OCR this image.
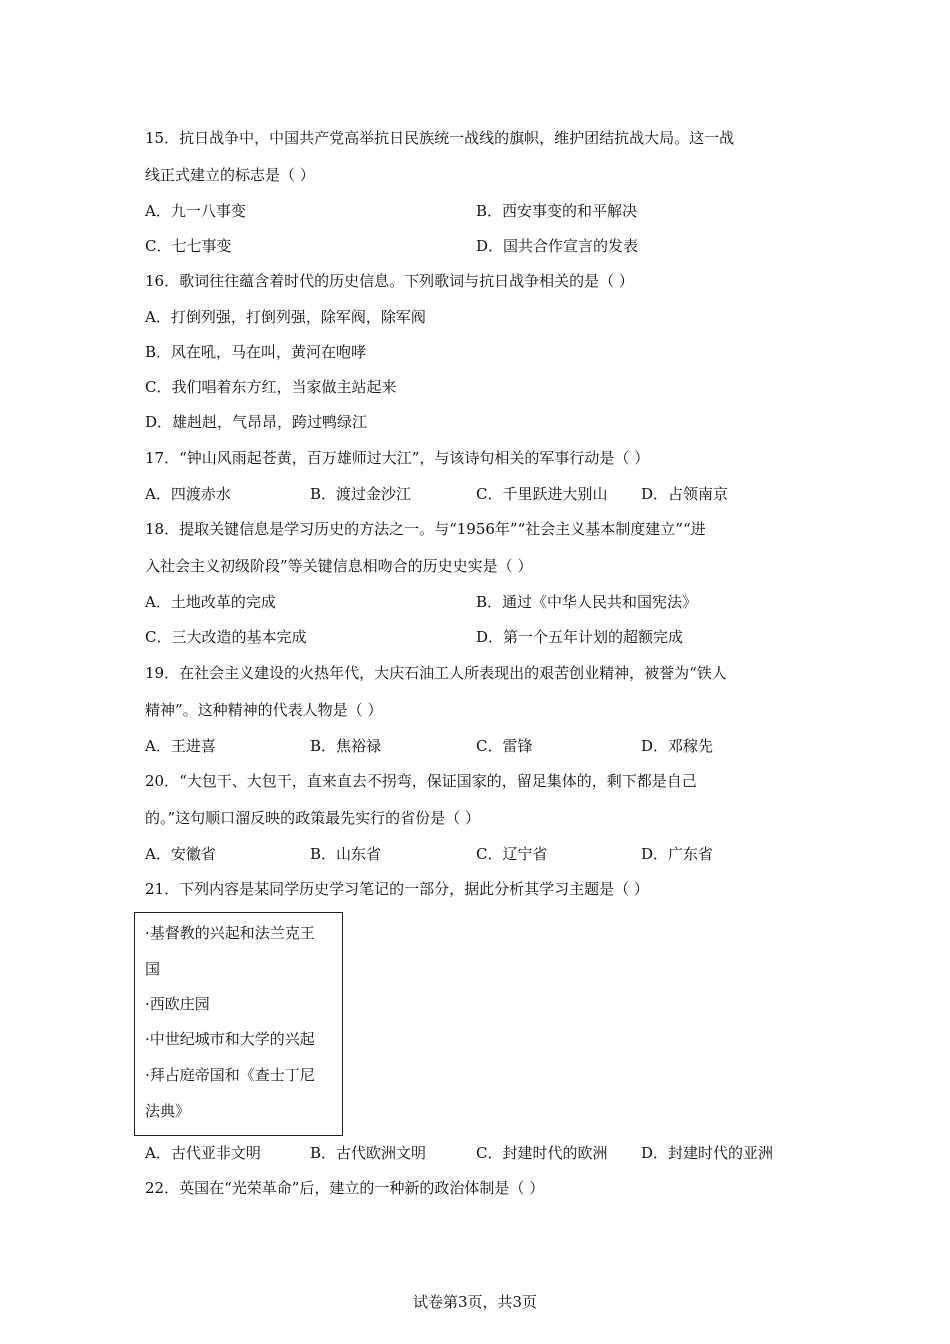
15．抗日战争中，中国共产党高举抗日民族统一战线的旗帜，维护团结抗战大局。这一战
线正式建立的标志是（ ）
A．九一八事变	B．西安事变的和平解决
C．七七事变	D．国共合作宣言的发表
16．歌词往往蕴含着时代的历史信息。下列歌词与抗日战争相关的是（ ）
A．打倒列强，打倒列强，除军阀，除军阀
B．风在吼，马在叫，黄河在咆哮
C．我们唱着东方红，当家做主站起来
D．雄赳赳，气昂昂，跨过鸭绿江
17．“钟山风雨起苍黄，百万雄师过大江”，与该诗句相关的军事行动是（ ）
A．四渡赤水	B．渡过金沙江	C．千里跃进大别山 D．占领南京
18．提取关键信息是学习历史的方法之一。与“1956年”“社会主义基本制度建立”“进
入社会主义初级阶段”等关键信息相吻合的历史史实是（ ）
A．土地改革的完成	B．通过《中华人民共和国宪法》
C．三大改造的基本完成	D．第一个五年计划的超额完成
19．在社会主义建设的火热年代，大庆石油工人所表现出的艰苦创业精神，被誉为“铁人
精神”。这种精神的代表人物是（ ）
A．王进喜	B．焦裕禄	C．雷锋	D．邓稼先
20．“大包干、大包干，直来直去不拐弯，保证国家的，留足集体的，剩下都是自己
的。”这句顺口溜反映的政策最先实行的省份是（ ）
A．安徽省	B．山东省	C．辽宁省	D．广东省
21．下列内容是某同学历史学习笔记的一部分，据此分析其学习主题是（ ）
·基督教的兴起和法兰克王
国
·西欧庄园
·中世纪城市和大学的兴起
·拜占庭帝国和《查士丁尼
法典》
A．古代亚非文明	B．古代欧洲文明	C．封建时代的欧洲 D．封建时代的亚洲
22．英国在“光荣革命”后，建立的一种新的政治体制是（ ）
试卷第3页，共3页
